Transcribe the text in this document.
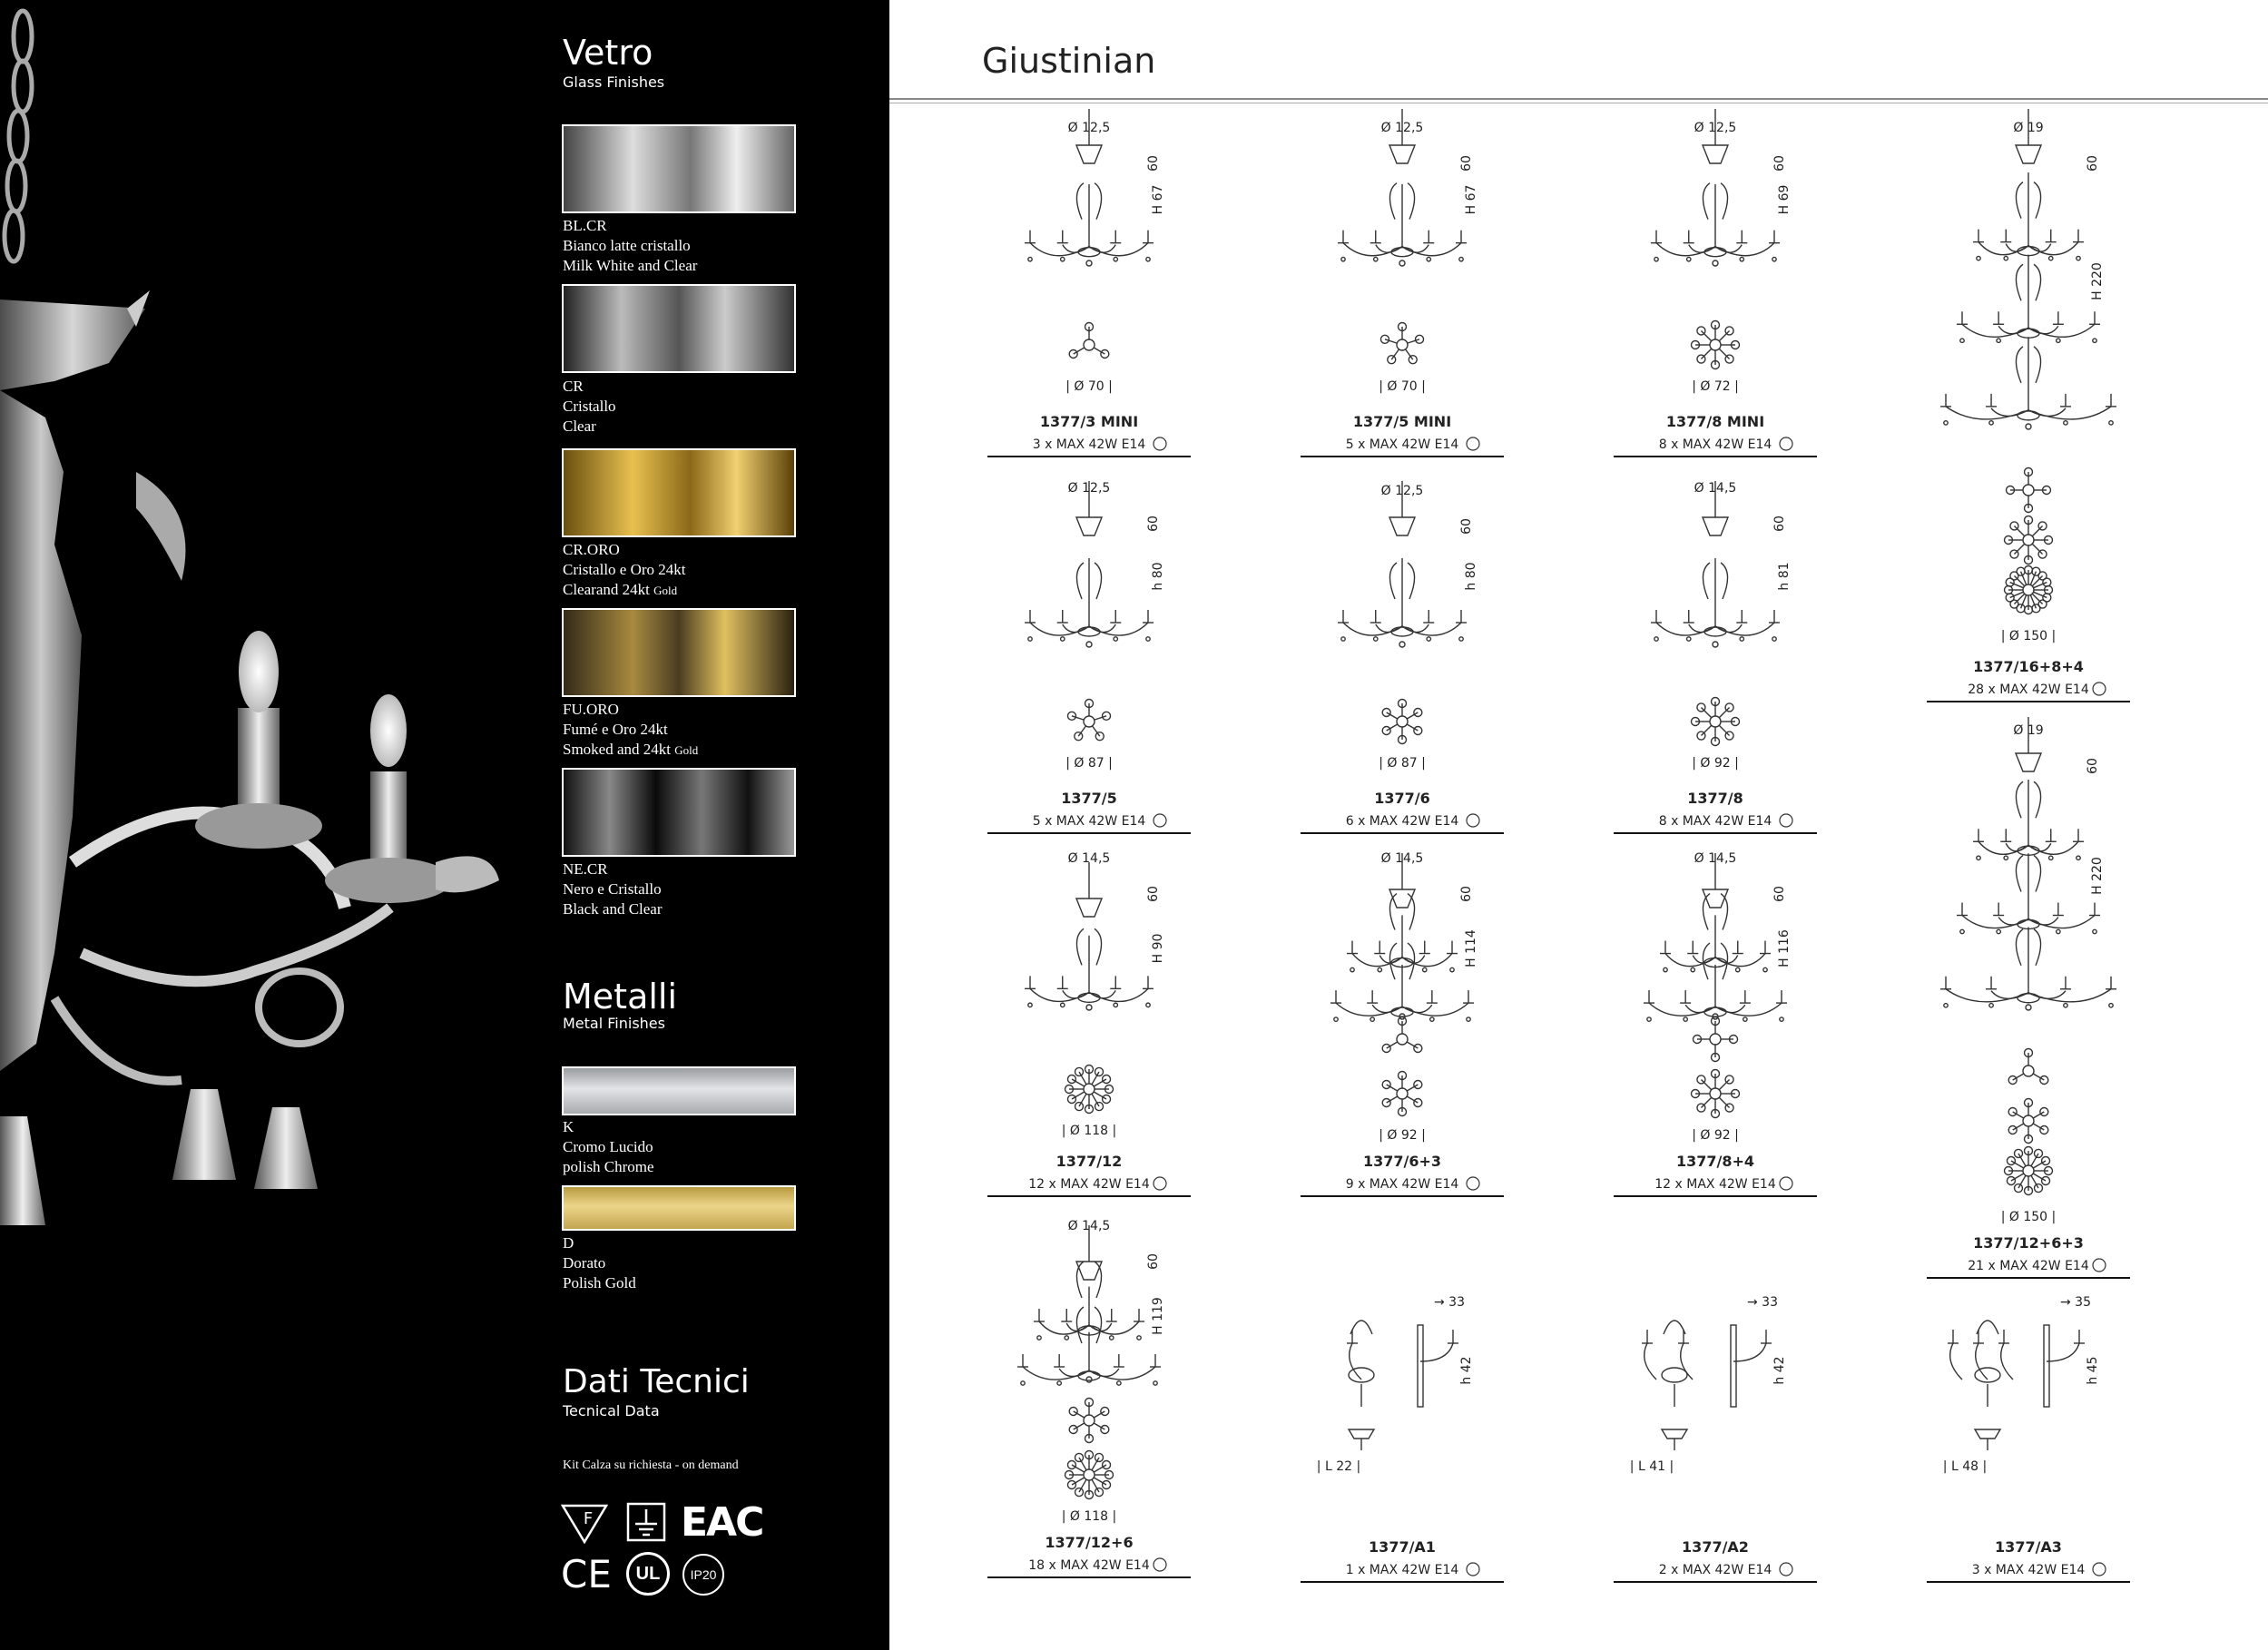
Vetro
Glass Finishes
BL.CR
Bianco latte cristallo
Milk White and Clear
CR
Cristallo
Clear
CR.ORO
Cristallo e Oro 24kt
Clearand 24kt Gold
FU.ORO
Fumé e Oro 24kt
Smoked and 24kt Gold
NE.CR
Nero e Cristallo
Black and Clear
Metalli
Metal Finishes
K
Cromo Lucido
polish Chrome
D
Dorato
Polish Gold
Dati Tecnici
Tecnical Data
Kit Calza su richiesta - on demand
F EAC
CE	UL	IP20
Giustinian
Ø 12,5
60
H 67
| Ø 70 |
1377/3 MINI
3 x MAX 42W E14
Ø 12,5
60
H 67
| Ø 70 |
1377/5 MINI
5 x MAX 42W E14
Ø 12,5
60
H 69
| Ø 72 |
1377/8 MINI
8 x MAX 42W E14
Ø 19
60
H 220
| Ø 150 |
1377/16+8+4
28 x MAX 42W E14
Ø 12,5
60
h 80
| Ø 87 |
1377/5
5 x MAX 42W E14
Ø 12,5
60
h 80
| Ø 87 |
1377/6
6 x MAX 42W E14
Ø 14,5
60
h 81
| Ø 92 |
1377/8
8 x MAX 42W E14
Ø 19
60
H 220
| Ø 150 |
1377/12+6+3
21 x MAX 42W E14
Ø 14,5
60
H 90
| Ø 118 |
1377/12
12 x MAX 42W E14
Ø 14,5
60
H 114
| Ø 92 |
1377/6+3
9 x MAX 42W E14
Ø 14,5
60
H 116
| Ø 92 |
1377/8+4
12 x MAX 42W E14
Ø 14,5
60
H 119
| Ø 118 |
1377/12+6
18 x MAX 42W E14
→ 33
h 42
| L 22 |
1377/A1
1 x MAX 42W E14
→ 33
h 42
| L 41 |
1377/A2
2 x MAX 42W E14
→ 35
h 45
| L 48 |
1377/A3
3 x MAX 42W E14
